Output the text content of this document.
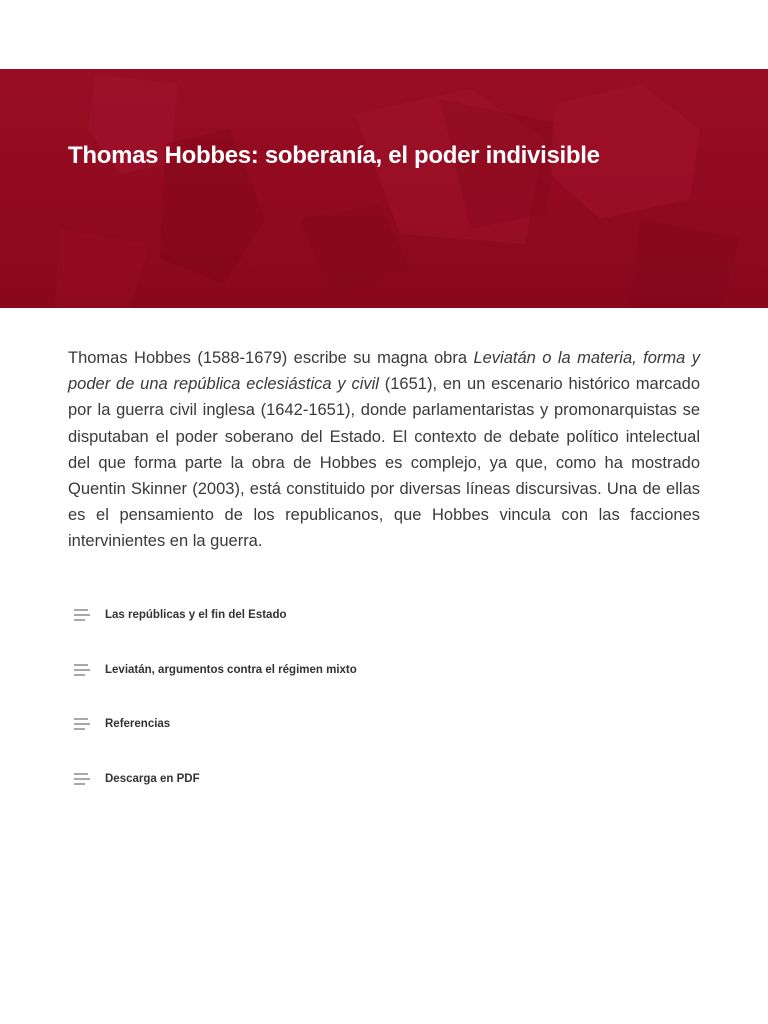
Thomas Hobbes: soberanía, el poder indivisible

Thomas Hobbes (1588-1679) escribe su magna obra Leviatán o la materia, forma y poder de una república eclesiástica y civil (1651), en un escenario histórico marcado por la guerra civil inglesa (1642-1651), donde parlamentaristas y promonarquistas se disputaban el poder soberano del Estado. El contexto de debate político intelectual del que forma parte la obra de Hobbes es complejo, ya que, como ha mostrado Quentin Skinner (2003), está constituido por diversas líneas discursivas. Una de ellas es el pensamiento de los republicanos, que Hobbes vincula con las facciones intervinientes en la guerra.

Las repúblicas y el fin del Estado
Leviatán, argumentos contra el régimen mixto
Referencias
Descarga en PDF
